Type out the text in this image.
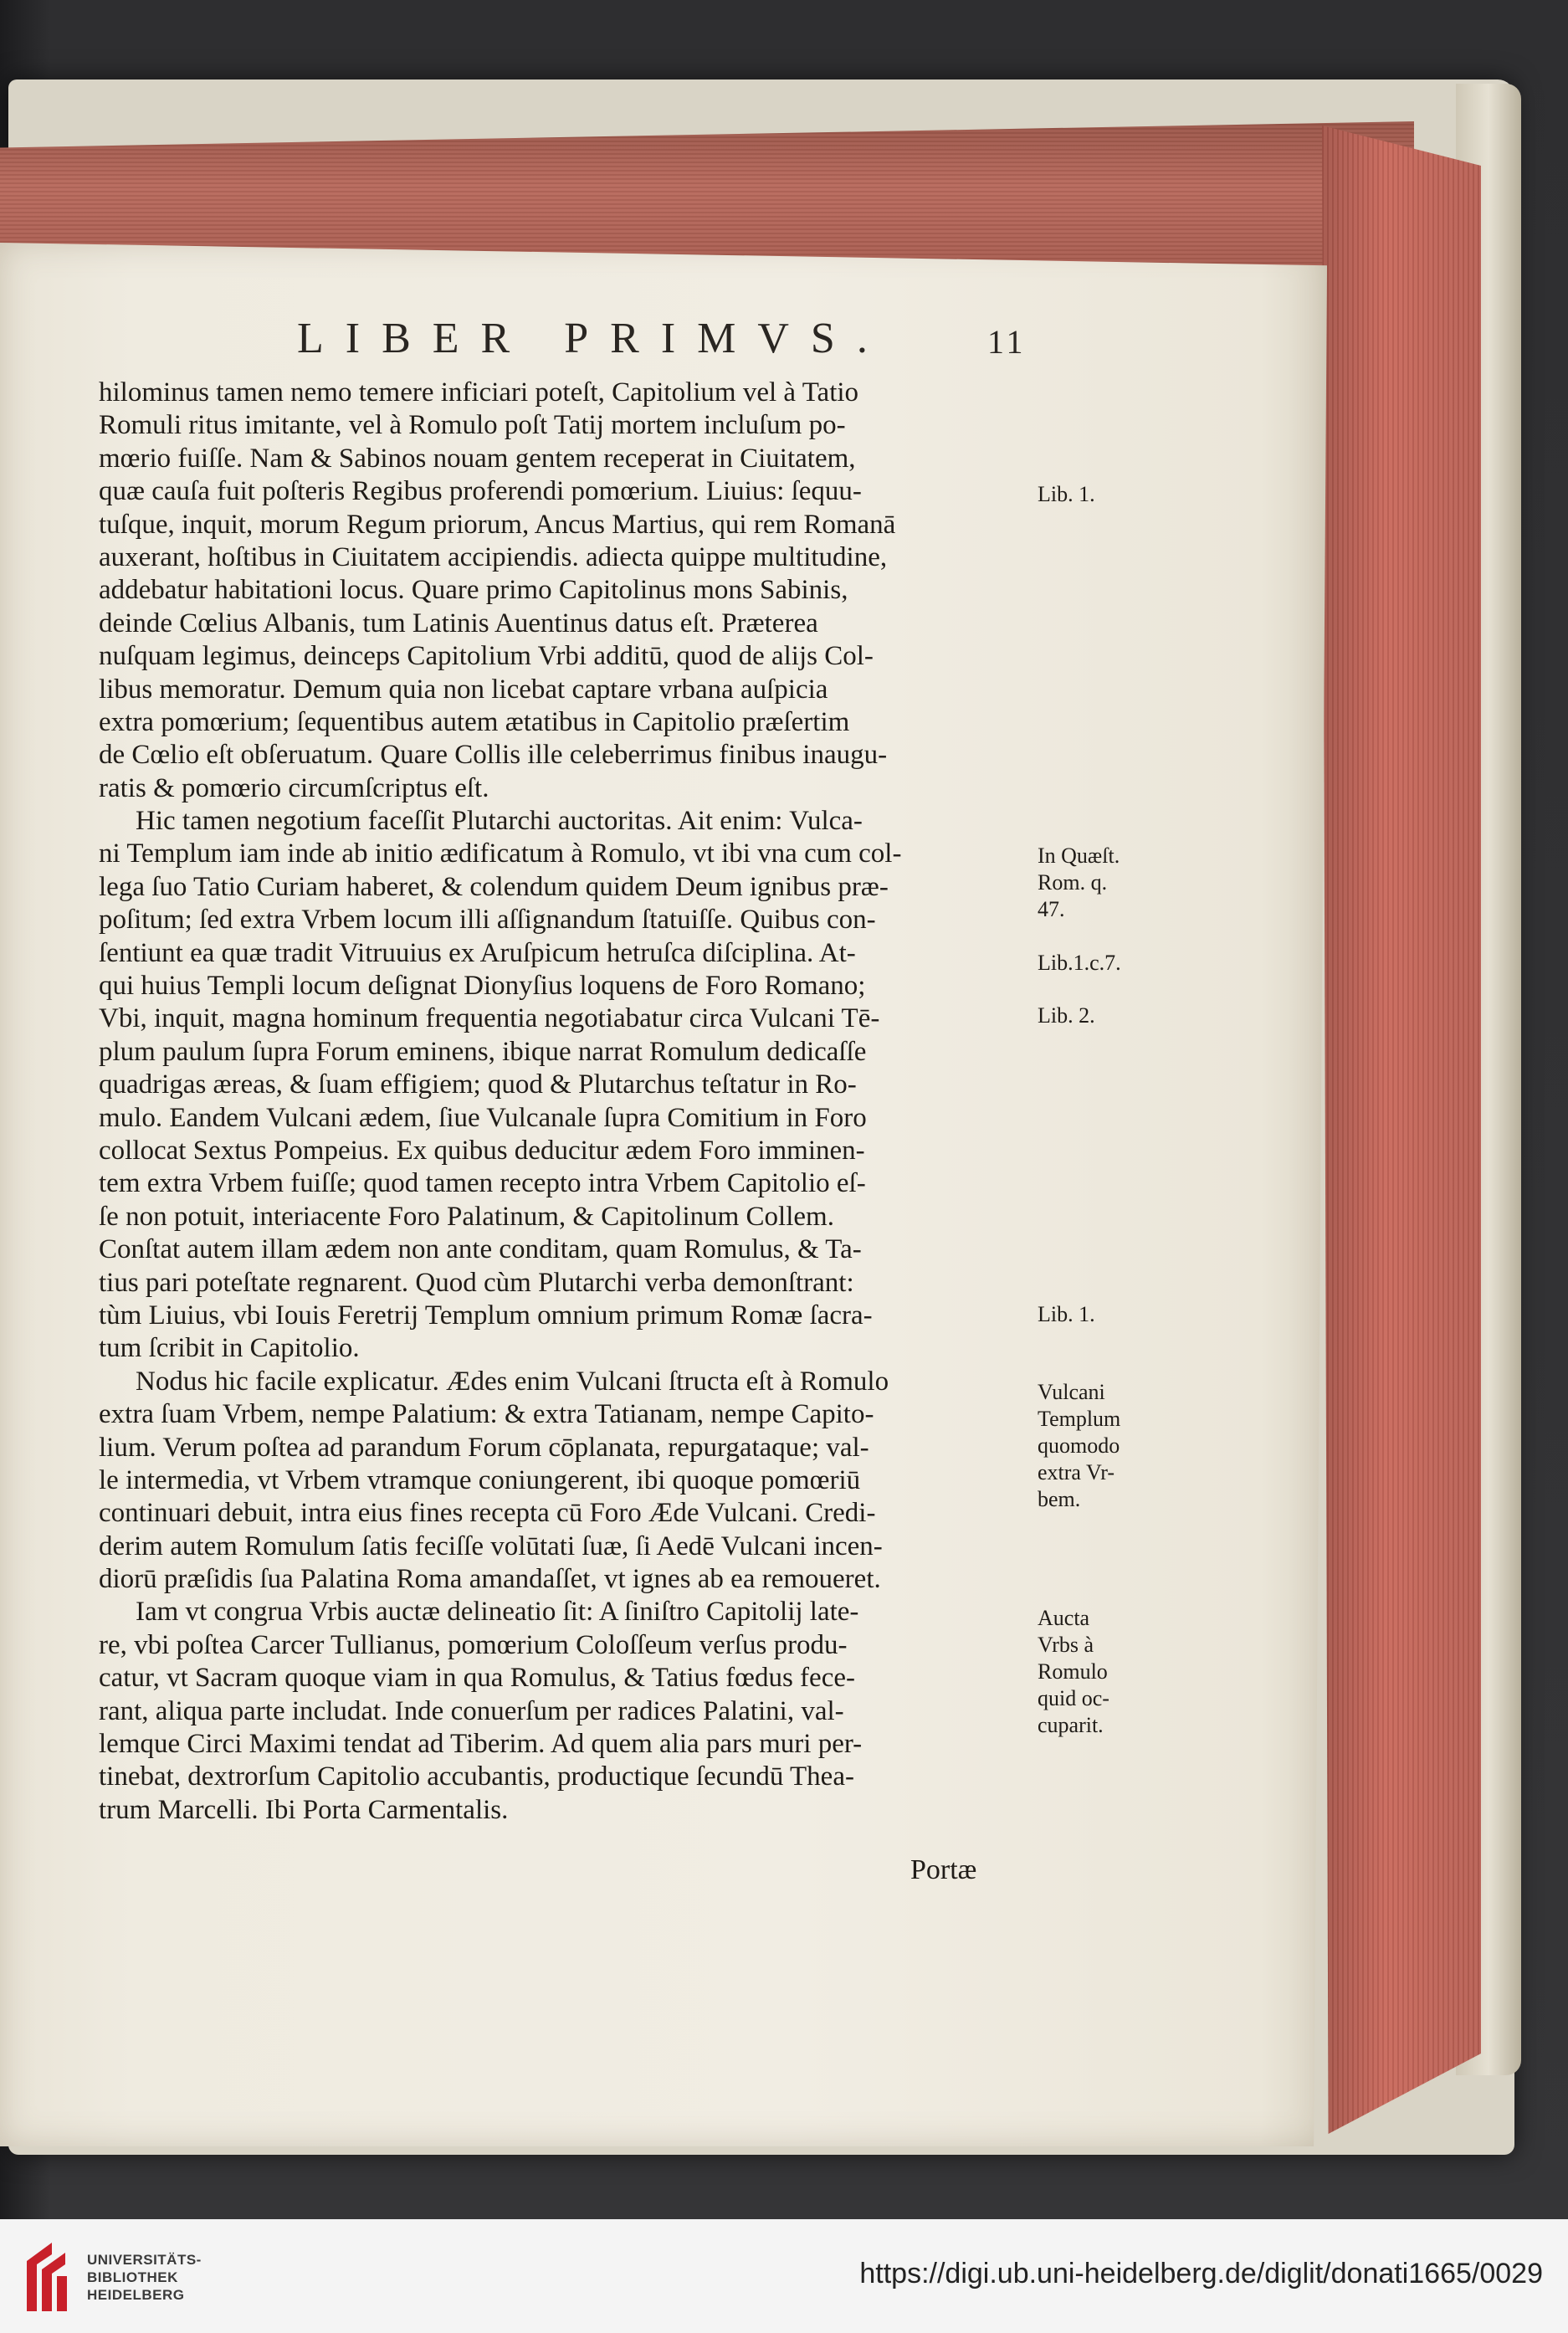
LIBER PRIMVS.	11
hilominus tamen nemo temere inficiari poteſt, Capitolium vel à Tatio
Romuli ritus imitante, vel à Romulo poſt Tatij mortem incluſum po-
mœrio fuiſſe. Nam & Sabinos nouam gentem receperat in Ciuitatem,
quæ cauſa fuit poſteris Regibus proferendi pomœrium. Liuius: ſequu-
tuſque, inquit, morum Regum priorum, Ancus Martius, qui rem Romanā
auxerant, hoſtibus in Ciuitatem accipiendis. adiecta quippe multitudine,
addebatur habitationi locus. Quare primo Capitolinus mons Sabinis,
deinde Cœlius Albanis, tum Latinis Auentinus datus eſt. Præterea
nuſquam legimus, deinceps Capitolium Vrbi additū, quod de alijs Col-
libus memoratur. Demum quia non licebat captare vrbana auſpicia
extra pomœrium; ſequentibus autem ætatibus in Capitolio præſertim
de Cœlio eſt obſeruatum. Quare Collis ille celeberrimus finibus inaugu-
ratis & pomœrio circumſcriptus eſt.
Hic tamen negotium faceſſit Plutarchi auctoritas. Ait enim: Vulca-
ni Templum iam inde ab initio ædificatum à Romulo, vt ibi vna cum col-
lega ſuo Tatio Curiam haberet, & colendum quidem Deum ignibus præ-
poſitum; ſed extra Vrbem locum illi aſſignandum ſtatuiſſe. Quibus con-
ſentiunt ea quæ tradit Vitruuius ex Aruſpicum hetruſca diſciplina. At-
qui huius Templi locum deſignat Dionyſius loquens de Foro Romano;
Vbi, inquit, magna hominum frequentia negotiabatur circa Vulcani Tē-
plum paulum ſupra Forum eminens, ibique narrat Romulum dedicaſſe
quadrigas æreas, & ſuam effigiem; quod & Plutarchus teſtatur in Ro-
mulo. Eandem Vulcani ædem, ſiue Vulcanale ſupra Comitium in Foro
collocat Sextus Pompeius. Ex quibus deducitur ædem Foro imminen-
tem extra Vrbem fuiſſe; quod tamen recepto intra Vrbem Capitolio eſ-
ſe non potuit, interiacente Foro Palatinum, & Capitolinum Collem.
Conſtat autem illam ædem non ante conditam, quam Romulus, & Ta-
tius pari poteſtate regnarent. Quod cùm Plutarchi verba demonſtrant:
tùm Liuius, vbi Iouis Feretrij Templum omnium primum Romæ ſacra-
tum ſcribit in Capitolio.
Nodus hic facile explicatur. Ædes enim Vulcani ſtructa eſt à Romulo
extra ſuam Vrbem, nempe Palatium: & extra Tatianam, nempe Capito-
lium. Verum poſtea ad parandum Forum cōplanata, repurgataque; val-
le intermedia, vt Vrbem vtramque coniungerent, ibi quoque pomœriū
continuari debuit, intra eius fines recepta cū Foro Æde Vulcani. Credi-
derim autem Romulum ſatis feciſſe volūtati ſuæ, ſi Aedē Vulcani incen-
diorū præſidis ſua Palatina Roma amandaſſet, vt ignes ab ea remoueret.
Iam vt congrua Vrbis auctæ delineatio ſit: A ſiniſtro Capitolij late-
re, vbi poſtea Carcer Tullianus, pomœrium Coloſſeum verſus produ-
catur, vt Sacram quoque viam in qua Romulus, & Tatius fœdus fece-
rant, aliqua parte includat. Inde conuerſum per radices Palatini, val-
lemque Circi Maximi tendat ad Tiberim. Ad quem alia pars muri per-
tinebat, dextrorſum Capitolio accubantis, productique ſecundū Thea-
trum Marcelli. Ibi Porta Carmentalis.
Lib. 1.
In Quæſt.
Rom. q.
47.
Lib.1.c.7.
Lib. 2.
Lib. 1.
Vulcani
Templum
quomodo
extra Vr-
bem.
Aucta
Vrbs à
Romulo
quid oc-
cuparit.
Portæ
UNIVERSITÄTS-
BIBLIOTHEK
HEIDELBERG
https://digi.ub.uni-heidelberg.de/diglit/donati1665/0029
